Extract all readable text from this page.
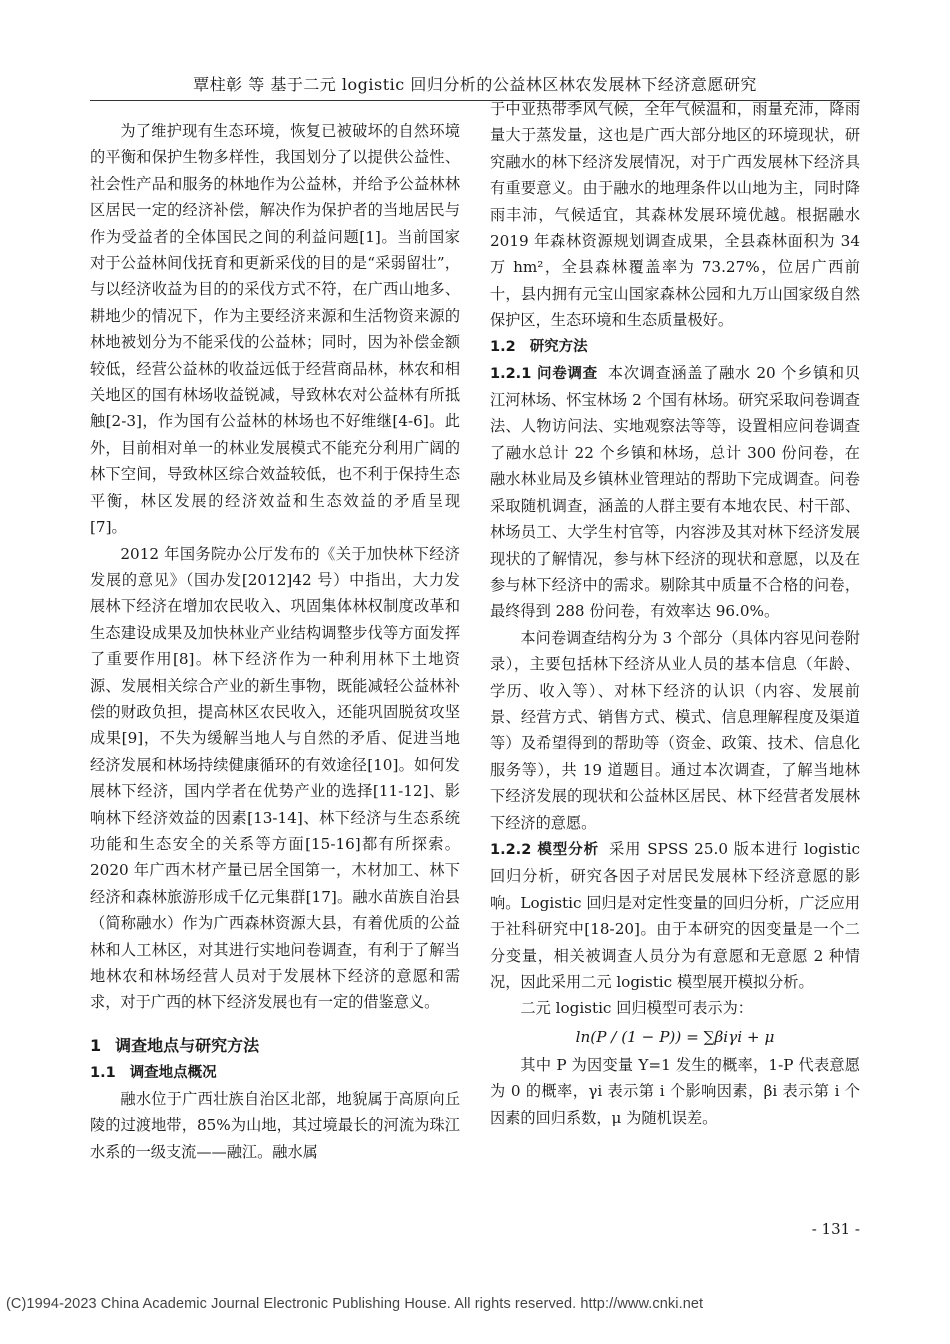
覃柱彰 等 基于二元 logistic 回归分析的公益林区林农发展林下经济意愿研究

为了维护现有生态环境，恢复已被破坏的自然环境的平衡和保护生物多样性，我国划分了以提供公益性、社会性产品和服务的林地作为公益林，并给予公益林林区居民一定的经济补偿，解决作为保护者的当地居民与作为受益者的全体国民之间的利益问题[1]。当前国家对于公益林间伐抚育和更新采伐的目的是“采弱留壮”，与以经济收益为目的的采伐方式不符，在广西山地多、耕地少的情况下，作为主要经济来源和生活物资来源的林地被划分为不能采伐的公益林；同时，因为补偿金额较低，经营公益林的收益远低于经营商品林，林农和相关地区的国有林场收益锐减，导致林农对公益林有所抵触[2-3]，作为国有公益林的林场也不好维继[4-6]。此外，目前相对单一的林业发展模式不能充分利用广阔的林下空间，导致林区综合效益较低，也不利于保持生态平衡，林区发展的经济效益和生态效益的矛盾呈现[7]。

2012 年国务院办公厅发布的《关于加快林下经济发展的意见》（国办发[2012]42 号）中指出，大力发展林下经济在增加农民收入、巩固集体林权制度改革和生态建设成果及加快林业产业结构调整步伐等方面发挥了重要作用[8]。林下经济作为一种利用林下土地资源、发展相关综合产业的新生事物，既能减轻公益林补偿的财政负担，提高林区农民收入，还能巩固脱贫攻坚成果[9]，不失为缓解当地人与自然的矛盾、促进当地经济发展和林场持续健康循环的有效途径[10]。如何发展林下经济，国内学者在优势产业的选择[11-12]、影响林下经济效益的因素[13-14]、林下经济与生态系统功能和生态安全的关系等方面[15-16]都有所探索。2020 年广西木材产量已居全国第一，木材加工、林下经济和森林旅游形成千亿元集群[17]。融水苗族自治县（简称融水）作为广西森林资源大县，有着优质的公益林和人工林区，对其进行实地问卷调查，有利于了解当地林农和林场经营人员对于发展林下经济的意愿和需求，对于广西的林下经济发展也有一定的借鉴意义。

1 调查地点与研究方法
1.1 调查地点概况

融水位于广西壮族自治区北部，地貌属于高原向丘陵的过渡地带，85%为山地，其过境最长的河流为珠江水系的一级支流——融江。融水属

于中亚热带季风气候，全年气候温和，雨量充沛，降雨量大于蒸发量，这也是广西大部分地区的环境现状，研究融水的林下经济发展情况，对于广西发展林下经济具有重要意义。由于融水的地理条件以山地为主，同时降雨丰沛，气候适宜，其森林发展环境优越。根据融水 2019 年森林资源规划调查成果，全县森林面积为 34 万 hm²，全县森林覆盖率为 73.27%，位居广西前十，县内拥有元宝山国家森林公园和九万山国家级自然保护区，生态环境和生态质量极好。

1.2 研究方法

1.2.1 问卷调查 本次调查涵盖了融水 20 个乡镇和贝江河林场、怀宝林场 2 个国有林场。研究采取问卷调查法、人物访问法、实地观察法等等，设置相应问卷调查了融水总计 22 个乡镇和林场，总计 300 份问卷，在融水林业局及乡镇林业管理站的帮助下完成调查。问卷采取随机调查，涵盖的人群主要有本地农民、村干部、林场员工、大学生村官等，内容涉及其对林下经济发展现状的了解情况，参与林下经济的现状和意愿，以及在参与林下经济中的需求。剔除其中质量不合格的问卷，最终得到 288 份问卷，有效率达 96.0%。

本问卷调查结构分为 3 个部分（具体内容见问卷附录），主要包括林下经济从业人员的基本信息（年龄、学历、收入等）、对林下经济的认识（内容、发展前景、经营方式、销售方式、模式、信息理解程度及渠道等）及希望得到的帮助等（资金、政策、技术、信息化服务等），共 19 道题目。通过本次调查，了解当地林下经济发展的现状和公益林区居民、林下经营者发展林下经济的意愿。

1.2.2 模型分析 采用 SPSS 25.0 版本进行 logistic 回归分析，研究各因子对居民发展林下经济意愿的影响。Logistic 回归是对定性变量的回归分析，广泛应用于社科研究中[18-20]。由于本研究的因变量是一个二分变量，相关被调查人员分为有意愿和无意愿 2 种情况，因此采用二元 logistic 模型展开模拟分析。

二元 logistic 回归模型可表示为：

ln(P / (1 − P)) = ∑βiγi + μ

其中 P 为因变量 Y=1 发生的概率，1-P 代表意愿为 0 的概率，γi 表示第 i 个影响因素，βi 表示第 i 个因素的回归系数，μ 为随机误差。

- 131 -
(C)1994-2023 China Academic Journal Electronic Publishing House. All rights reserved. http://www.cnki.net
